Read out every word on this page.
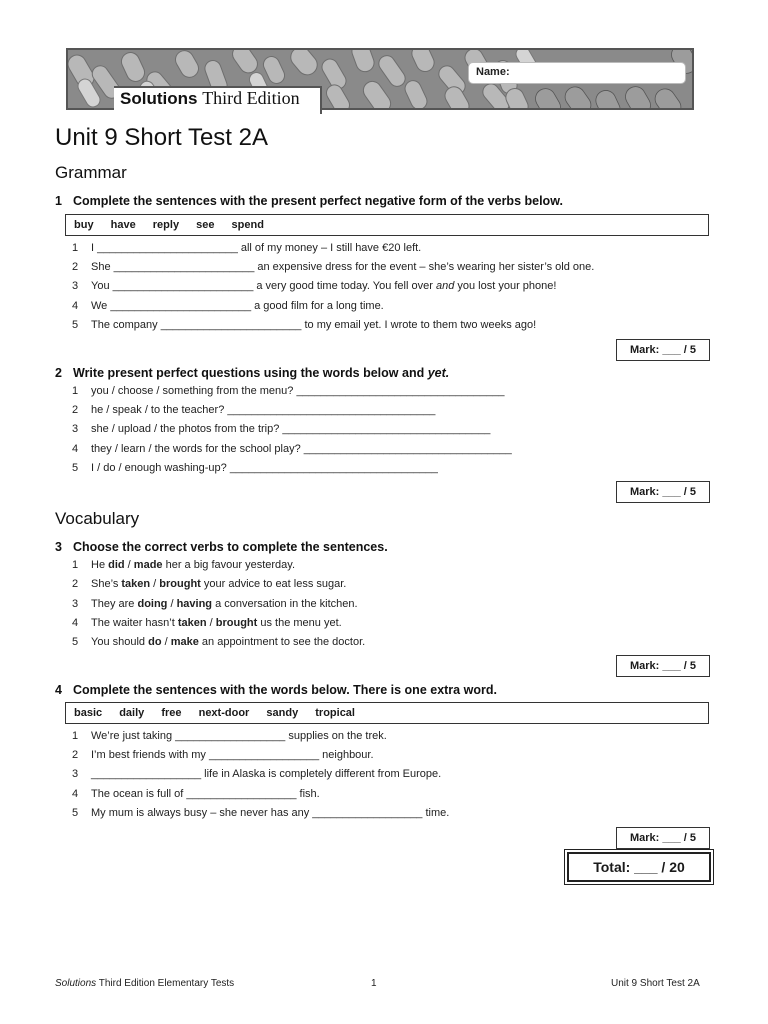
Solutions Third Edition
Name:
Unit 9 Short Test 2A
Grammar
1 Complete the sentences with the present perfect negative form of the verbs below.
buy have reply see spend
1 I _______________________ all of my money – I still have €20 left.
2 She _______________________ an expensive dress for the event – she’s wearing her sister’s old one.
3 You _______________________ a very good time today. You fell over and you lost your phone!
4 We _______________________ a good film for a long time.
5 The company _______________________ to my email yet. I wrote to them two weeks ago!
Mark: ___ / 5
2 Write present perfect questions using the words below and yet.
1 you / choose / something from the menu? __________________________________
2 he / speak / to the teacher? __________________________________
3 she / upload / the photos from the trip? __________________________________
4 they / learn / the words for the school play? __________________________________
5 I / do / enough washing-up? __________________________________
Mark: ___ / 5
Vocabulary
3 Choose the correct verbs to complete the sentences.
1 He did / made her a big favour yesterday.
2 She’s taken / brought your advice to eat less sugar.
3 They are doing / having a conversation in the kitchen.
4 The waiter hasn’t taken / brought us the menu yet.
5 You should do / make an appointment to see the doctor.
Mark: ___ / 5
4 Complete the sentences with the words below. There is one extra word.
basic daily free next-door sandy tropical
1 We’re just taking __________________ supplies on the trek.
2 I’m best friends with my __________________ neighbour.
3 __________________ life in Alaska is completely different from Europe.
4 The ocean is full of __________________ fish.
5 My mum is always busy – she never has any __________________ time.
Mark: ___ / 5
Total: ___ / 20
Solutions Third Edition Elementary Tests	1	Unit 9 Short Test 2A
